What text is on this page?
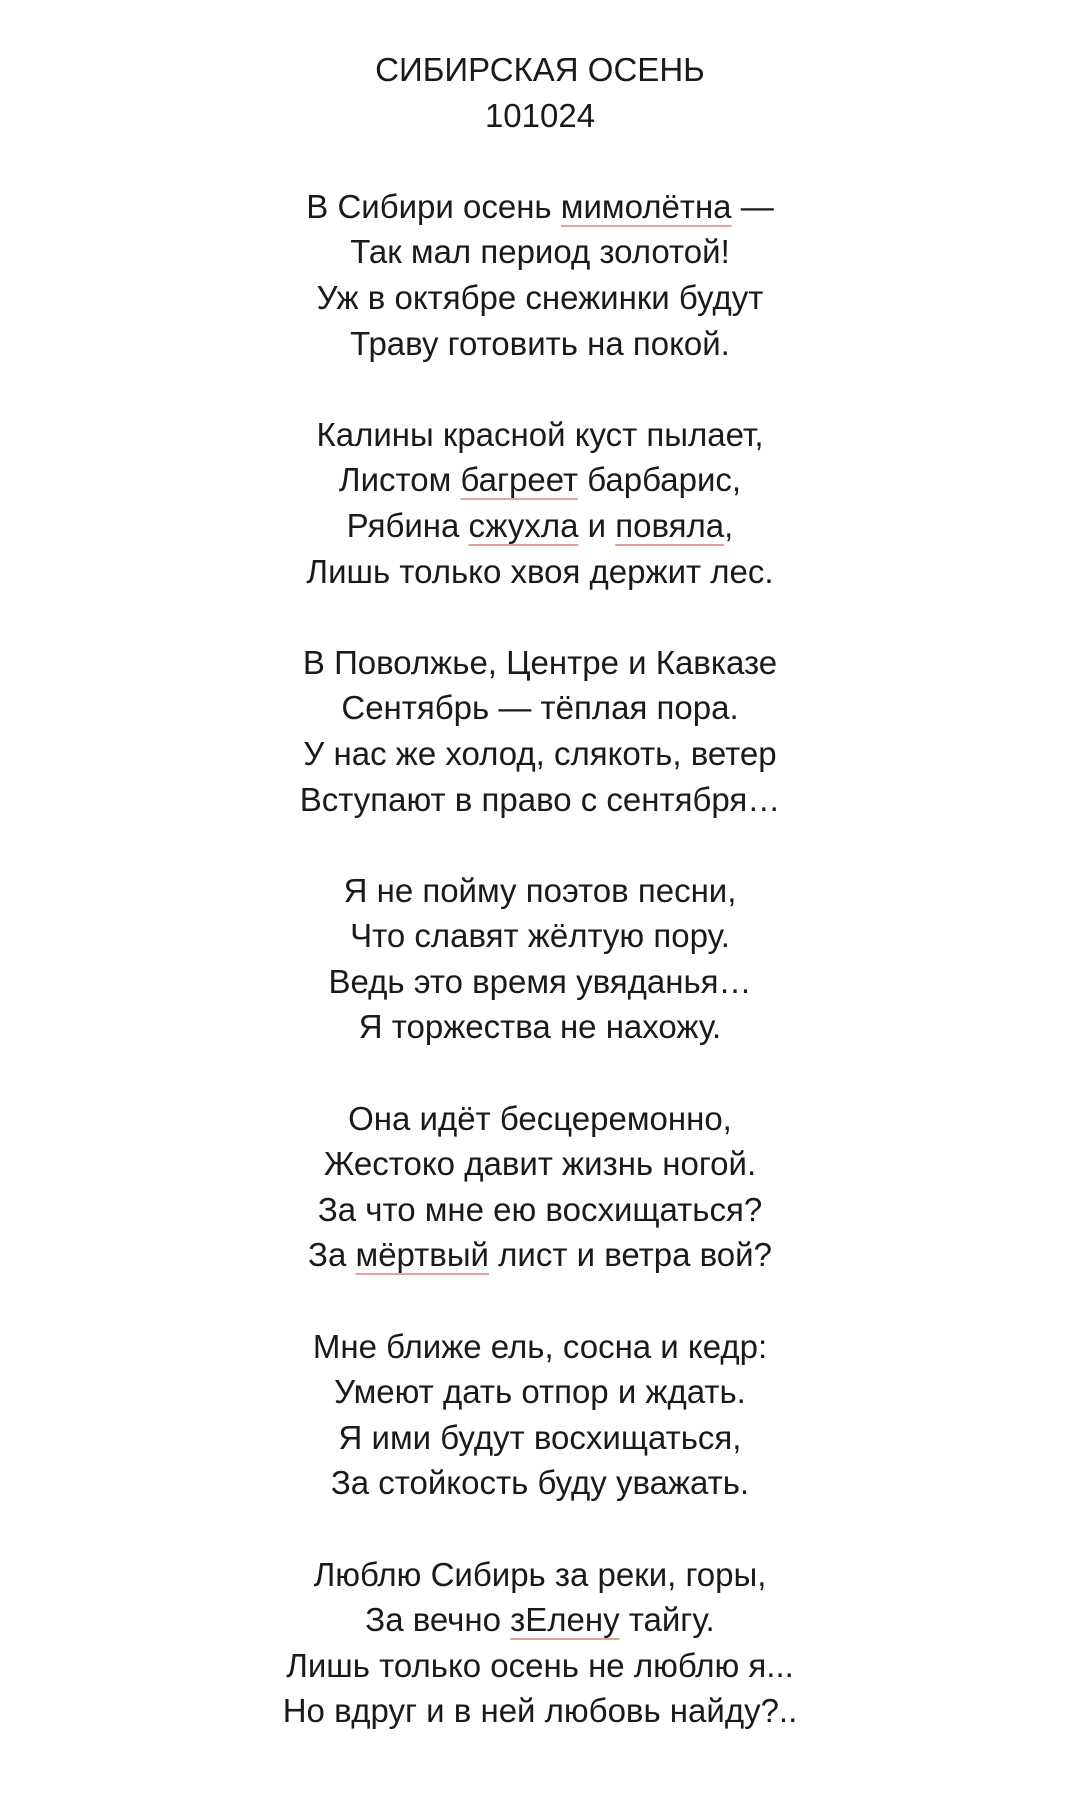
СИБИРСКАЯ ОСЕНЬ
101024
В Сибири осень мимолётна —
Так мал период золотой!
Уж в октябре снежинки будут
Траву готовить на покой.
Калины красной куст пылает,
Листом багреет барбарис,
Рябина сжухла и повяла,
Лишь только хвоя держит лес.
В Поволжье, Центре и Кавказе
Сентябрь — тёплая пора.
У нас же холод, слякоть, ветер
Вступают в право с сентября…
Я не пойму поэтов песни,
Что славят жёлтую пору.
Ведь это время увяданья…
Я торжества не нахожу.
Она идёт бесцеремонно,
Жестоко давит жизнь ногой.
За что мне ею восхищаться?
За мёртвый лист и ветра вой?
Мне ближе ель, сосна и кедр:
Умеют дать отпор и ждать.
Я ими будут восхищаться,
За стойкость буду уважать.
Люблю Сибирь за реки, горы,
За вечно зЕлену тайгу.
Лишь только осень не люблю я...
Но вдруг и в ней любовь найду?..
